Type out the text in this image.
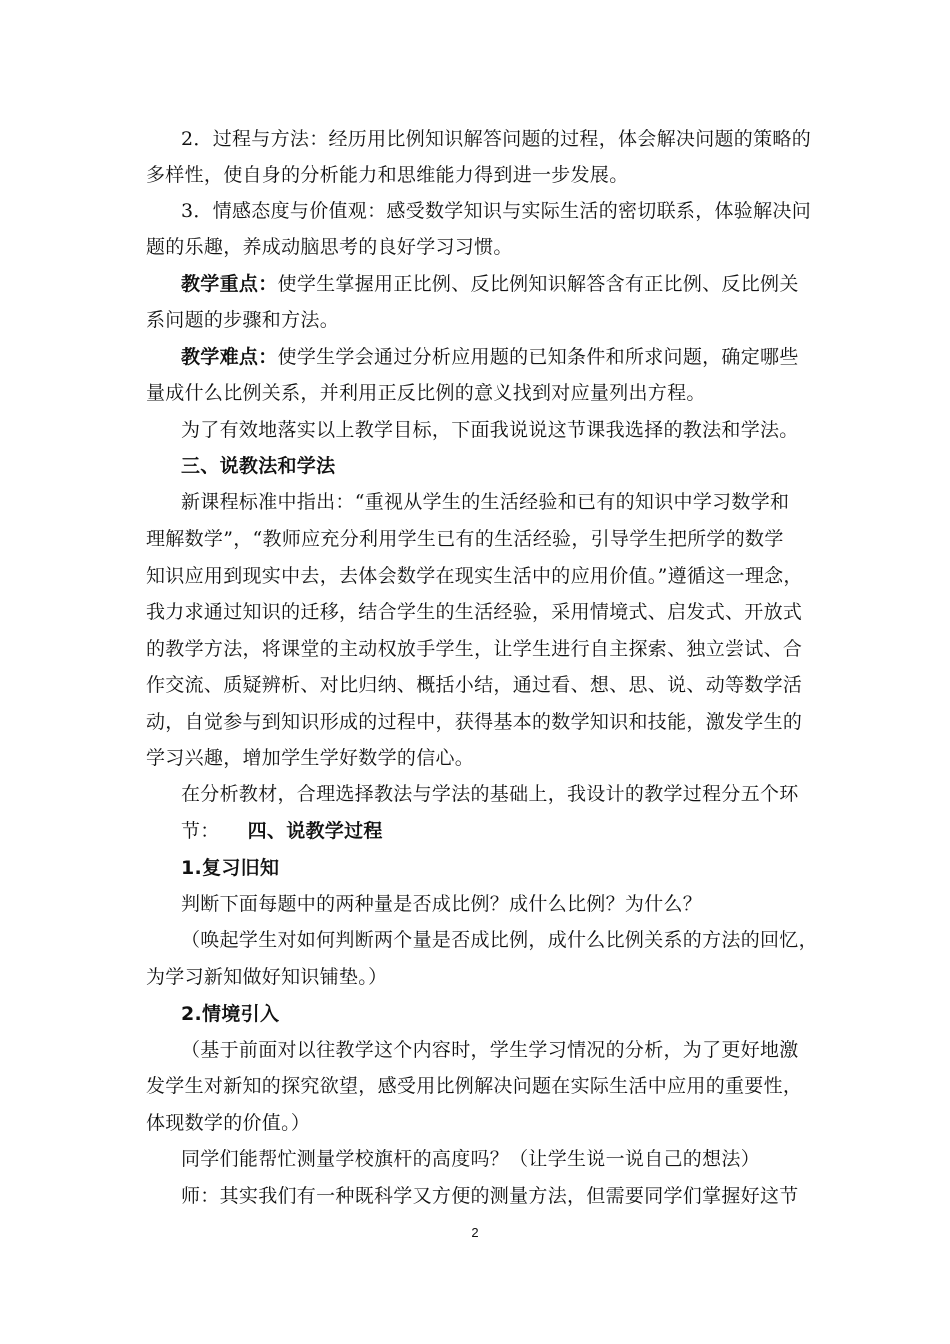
2．过程与方法：经历用比例知识解答问题的过程，体会解决问题的策略的
多样性，使自身的分析能力和思维能力得到进一步发展。
3．情感态度与价值观：感受数学知识与实际生活的密切联系，体验解决问
题的乐趣，养成动脑思考的良好学习习惯。
教学重点：使学生掌握用正比例、反比例知识解答含有正比例、反比例关
系问题的步骤和方法。
教学难点：使学生学会通过分析应用题的已知条件和所求问题，确定哪些
量成什么比例关系，并利用正反比例的意义找到对应量列出方程。
为了有效地落实以上教学目标，下面我说说这节课我选择的教法和学法。
三、说教法和学法
新课程标准中指出：“重视从学生的生活经验和已有的知识中学习数学和
理解数学”，“教师应充分利用学生已有的生活经验，引导学生把所学的数学
知识应用到现实中去，去体会数学在现实生活中的应用价值。”遵循这一理念，
我力求通过知识的迁移，结合学生的生活经验，采用情境式、启发式、开放式
的教学方法，将课堂的主动权放手学生，让学生进行自主探索、独立尝试、合
作交流、质疑辨析、对比归纳、概括小结，通过看、想、思、说、动等数学活
动，自觉参与到知识形成的过程中，获得基本的数学知识和技能，激发学生的
学习兴趣，增加学生学好数学的信心。
在分析教材，合理选择教法与学法的基础上，我设计的教学过程分五个环
节： 四、说教学过程
1.复习旧知
判断下面每题中的两种量是否成比例？成什么比例？为什么？
（唤起学生对如何判断两个量是否成比例，成什么比例关系的方法的回忆，
为学习新知做好知识铺垫。）
2.情境引入
（基于前面对以往教学这个内容时，学生学习情况的分析，为了更好地激
发学生对新知的探究欲望，感受用比例解决问题在实际生活中应用的重要性，
体现数学的价值。）
同学们能帮忙测量学校旗杆的高度吗？（让学生说一说自己的想法）
师：其实我们有一种既科学又方便的测量方法，但需要同学们掌握好这节
2
